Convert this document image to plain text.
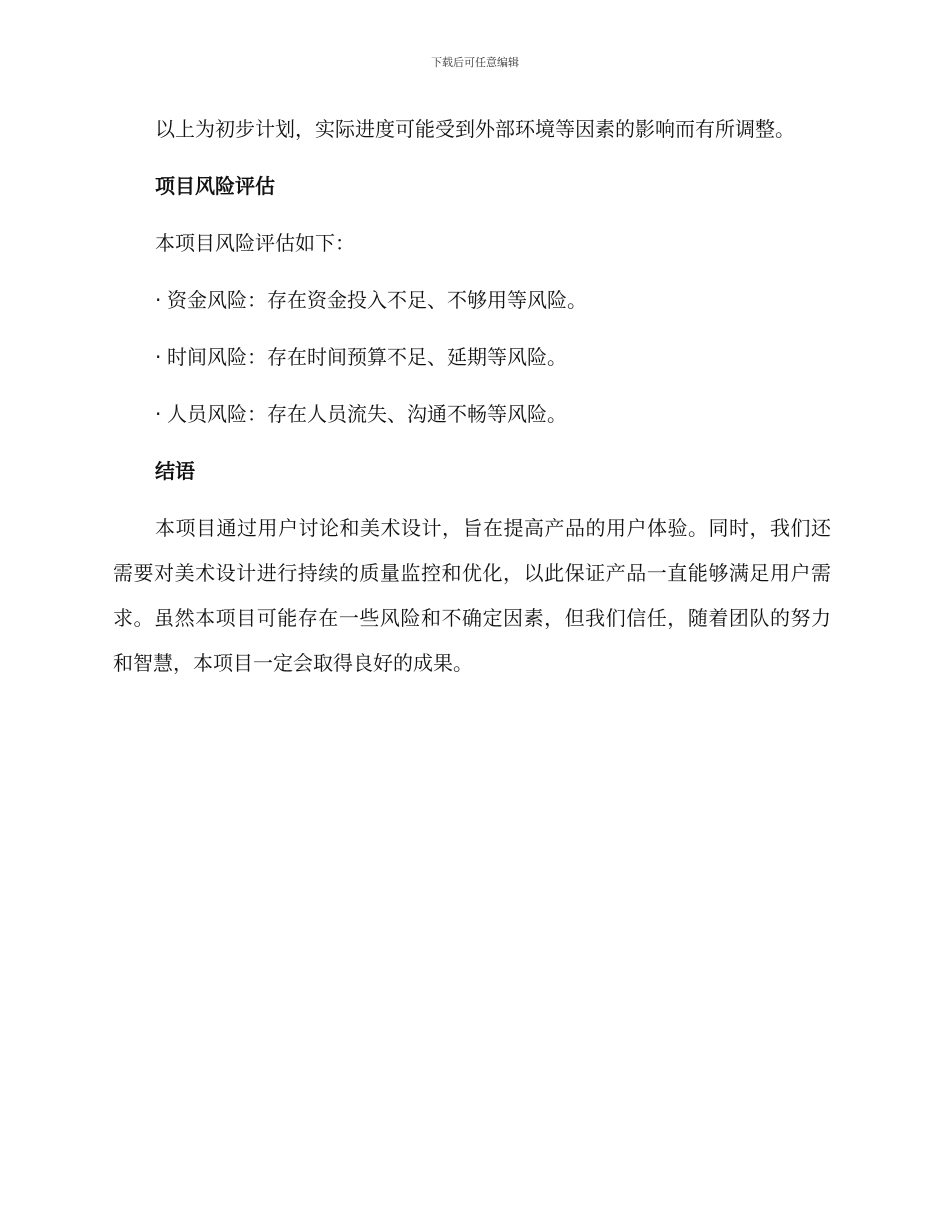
下载后可任意编辑

以上为初步计划，实际进度可能受到外部环境等因素的影响而有所调整。

项目风险评估
本项目风险评估如下：
· 资金风险：存在资金投入不足、不够用等风险。
· 时间风险：存在时间预算不足、延期等风险。
· 人员风险：存在人员流失、沟通不畅等风险。
结语

本项目通过用户讨论和美术设计，旨在提高产品的用户体验。同时，我们还需要对美术设计进行持续的质量监控和优化，以此保证产品一直能够满足用户需求。虽然本项目可能存在一些风险和不确定因素，但我们信任，随着团队的努力和智慧，本项目一定会取得良好的成果。
